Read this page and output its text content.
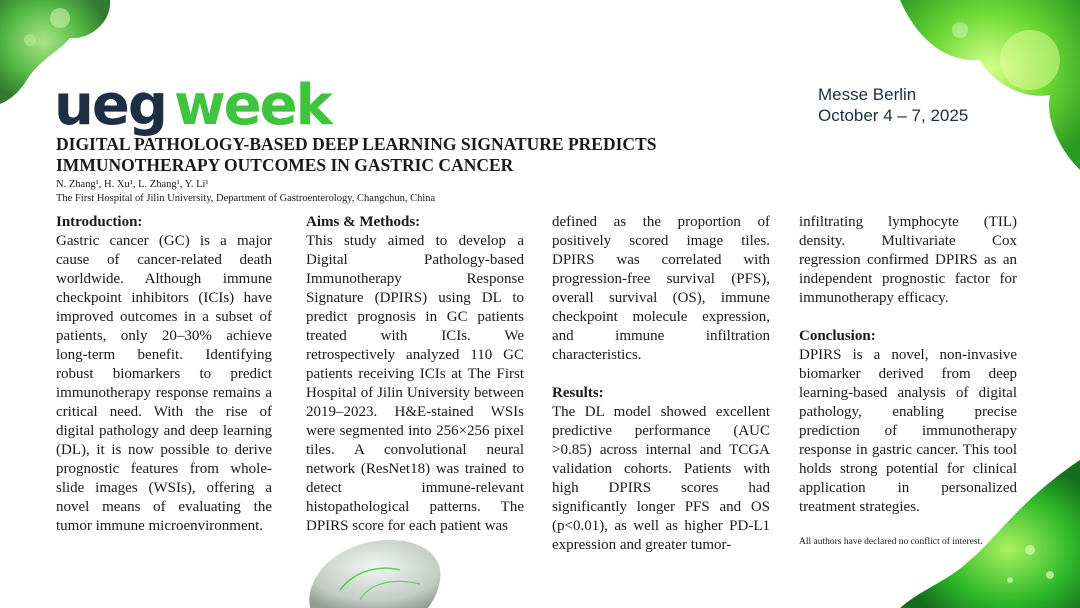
ueg week	Messe Berlin
October 4 – 7, 2025
DIGITAL PATHOLOGY-BASED DEEP LEARNING SIGNATURE PREDICTS
IMMUNOTHERAPY OUTCOMES IN GASTRIC CANCER
N. Zhang¹, H. Xu¹, L. Zhang¹, Y. Li¹
The First Hospital of Jilin University, Department of Gastroenterology, Changchun, China
Introduction:

Gastric cancer (GC) is a major cause of cancer-related death worldwide. Although immune checkpoint inhibitors (ICIs) have improved outcomes in a subset of patients, only 20–30% achieve long-term benefit. Identifying robust biomarkers to predict immunotherapy response remains a critical need. With the rise of digital pathology and deep learning (DL), it is now possible to derive prognostic features from whole-slide images (WSIs), offering a novel means of evaluating the tumor immune microenvironment.

Aims & Methods:

This study aimed to develop a Digital Pathology-based Immunotherapy Response Signature (DPIRS) using DL to predict prognosis in GC patients treated with ICIs. We retrospectively analyzed 110 GC patients receiving ICIs at The First Hospital of Jilin University between 2019–2023. H&E-stained WSIs were segmented into 256×256 pixel tiles. A convolutional neural network (ResNet18) was trained to detect immune-relevant histopathological patterns. The DPIRS score for each patient was

defined as the proportion of positively scored image tiles. DPIRS was correlated with progression-free survival (PFS), overall survival (OS), immune checkpoint molecule expression, and immune infiltration characteristics.

Results:

The DL model showed excellent predictive performance (AUC >0.85) across internal and TCGA validation cohorts. Patients with high DPIRS scores had significantly longer PFS and OS (p<0.01), as well as higher PD-L1 expression and greater tumor-

infiltrating lymphocyte (TIL) density. Multivariate Cox regression confirmed DPIRS as an independent prognostic factor for immunotherapy efficacy.

Conclusion:

DPIRS is a novel, non-invasive biomarker derived from deep learning-based analysis of digital pathology, enabling precise prediction of immunotherapy response in gastric cancer. This tool holds strong potential for clinical application in personalized treatment strategies.

All authors have declared no conflict of interest.
